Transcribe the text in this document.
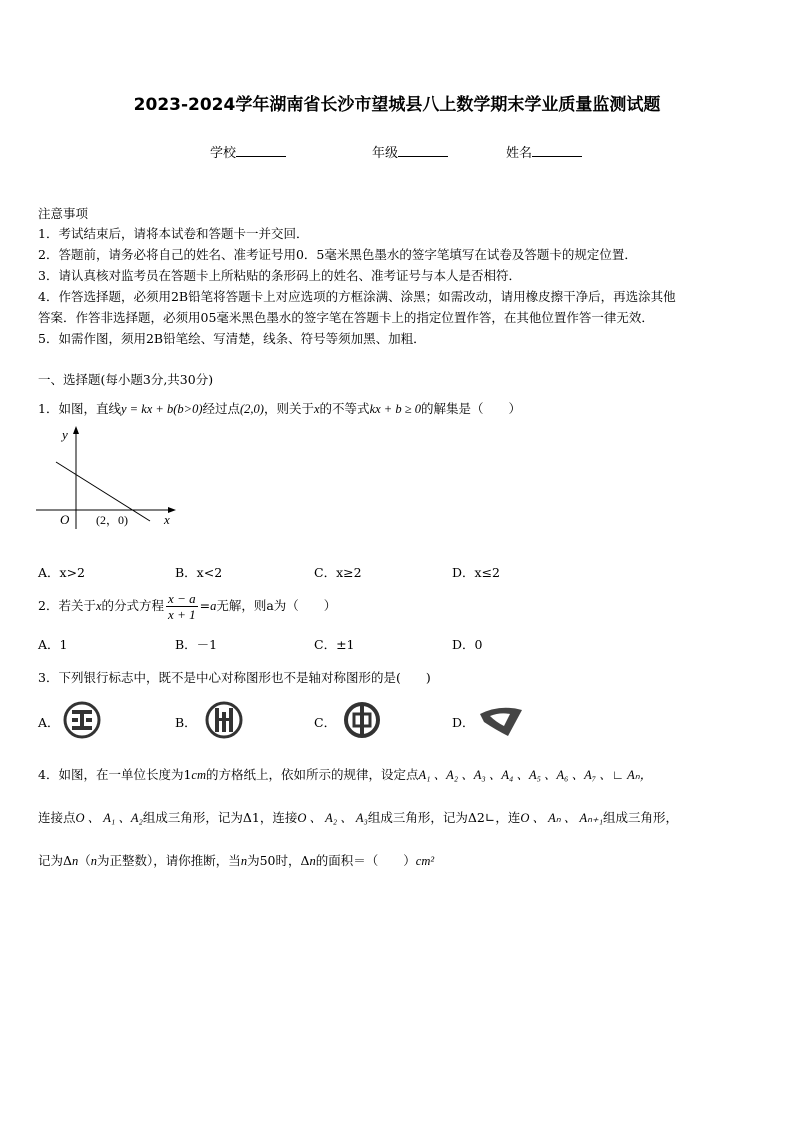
2023-2024学年湖南省长沙市望城县八上数学期末学业质量监测试题
学校	年级	姓名
注意事项
1．考试结束后，请将本试卷和答题卡一并交回．
2．答题前，请务必将自己的姓名、准考证号用0．5毫米黑色墨水的签字笔填写在试卷及答题卡的规定位置．
3．请认真核对监考员在答题卡上所粘贴的条形码上的姓名、准考证号与本人是否相符．
4．作答选择题，必须用2B铅笔将答题卡上对应选项的方框涂满、涂黑；如需改动，请用橡皮擦干净后，再选涂其他
答案．作答非选择题，必须用05毫米黑色墨水的签字笔在答题卡上的指定位置作答，在其他位置作答一律无效．
5．如需作图，须用2B铅笔绘、写清楚，线条、符号等须加黑、加粗．
一、选择题(每小题3分,共30分)
1．如图，直线y = kx + b(b>0)经过点(2,0)，则关于x的不等式kx + b ≥ 0的解集是（　　）
y
x
O (2，0)
A．x>2	B．x<2	C．x≥2	D．x≤2
2．若关于x的分式方程 $\frac{x - a}{x + 1} =a$无解，则a为（　　）
A．1	B．－1	C．±1	D．0
3．下列银行标志中，既不是中心对称图形也不是轴对称图形的是(　　)
A．	B．	C．	D．
4．如图，在一单位长度为1cm的方格纸上，依如所示的规律，设定点A₁ 、A₂ 、A₃ 、A₄ 、A₅ 、A₆ 、A₇ 、∟ Aₙ，
连接点O 、 A₁ 、A₂组成三角形，记为Δ1，连接O 、 A₂ 、 A₃组成三角形，记为Δ2∟，连O 、 Aₙ 、 Aₙ₊₁组成三角形，
记为Δn（n为正整数），请你推断，当n为50时，Δn的面积＝（　　）cm²
